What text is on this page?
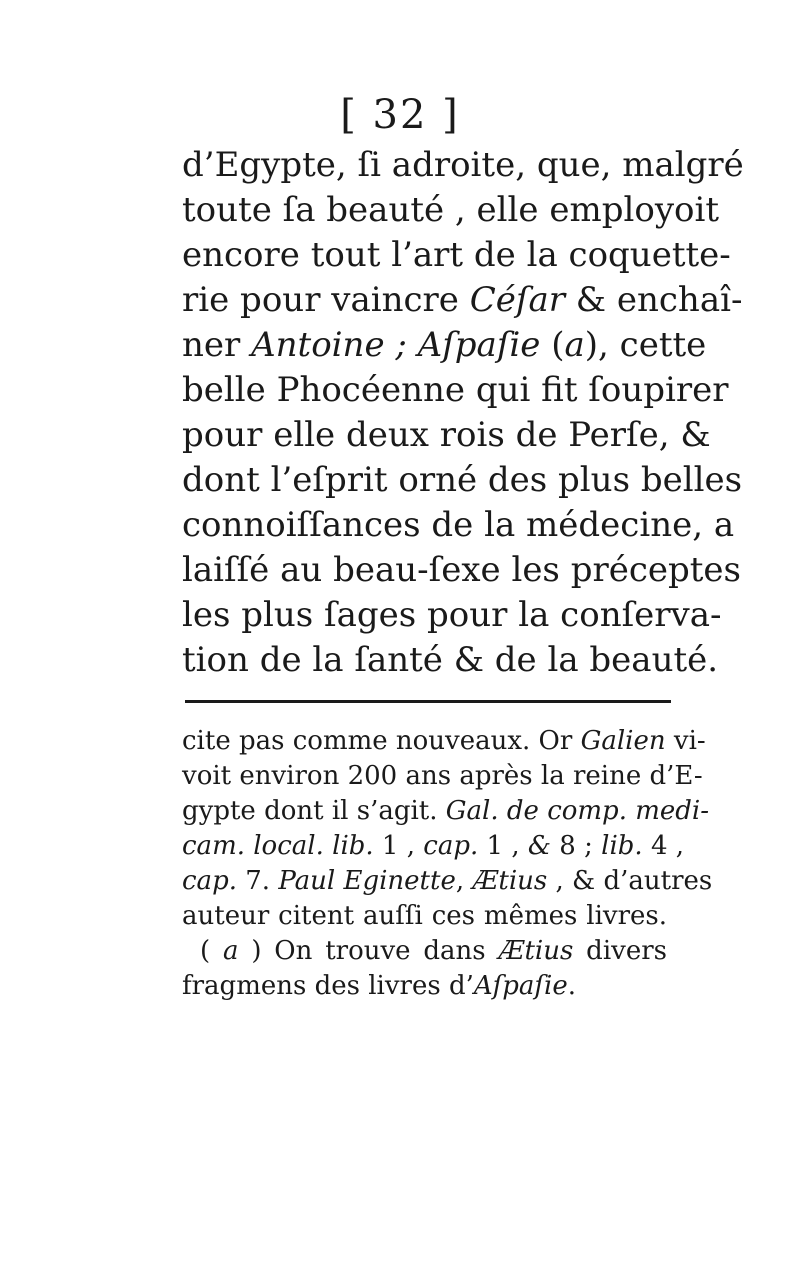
[ 32 ]
d’Egypte, ſi adroite, que, malgré
toute ſa beauté , elle employoit
encore tout l’art de la coquette-
rie pour vaincre Céſar & enchaî-
ner Antoine ; Aſpaſie (a), cette
belle Phocéenne qui fit ſoupirer
pour elle deux rois de Perſe, &
dont l’eſprit orné des plus belles
connoiſſances de la médecine, a
laiſſé au beau-ſexe les préceptes
les plus ſages pour la conſerva-
tion de la ſanté & de la beauté.
cite pas comme nouveaux. Or Galien vi-
voit environ 200 ans après la reine d’E-
gypte dont il s’agit. Gal. de comp. medi-
cam. local. lib. 1 , cap. 1 , & 8 ; lib. 4 ,
cap. 7. Paul Eginette, Ætius , & d’autres
auteur citent auſſi ces mêmes livres.
( a ) On trouve dans Ætius divers
fragmens des livres d’Aſpaſie.
